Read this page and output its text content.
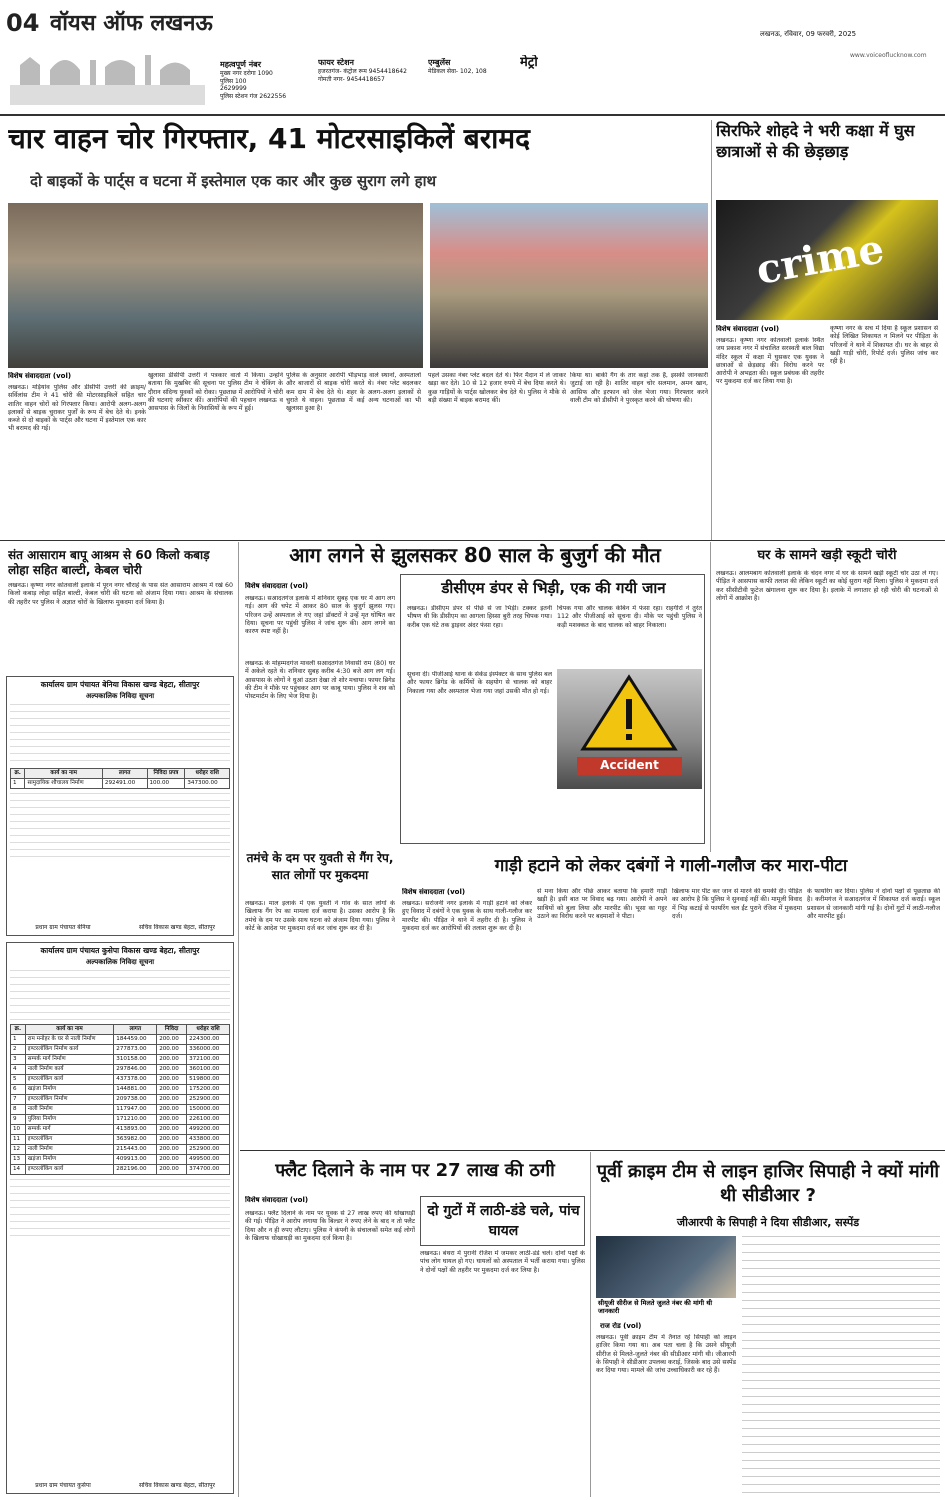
04 वॉयस ऑफ लखनऊ
महत्वपूर्ण नंबर
मुख्य नगर दरोगा 1090
पुलिस 100
2629999
पुलिस स्टेशन गंज 2622556
फायर स्टेशन
हजरतगंज- कंट्रोल रूम 9454418642
गोमती नगर- 9454418657
एम्बुलेंस
मेडिकल सेवा- 102, 108
मेट्रो
लखनऊ, रविवार, 09 फरवरी, 2025
www.voiceoflucknow.com
चार वाहन चोर गिरफ्तार, 41 मोटरसाइकिलें बरामद
दो बाइकों के पार्ट्स व घटना में इस्तेमाल एक कार और कुछ सुराग लगे हाथ
विशेष संवाददाता (vol)
लखनऊ। मड़ियांव पुलिस और डीसीपी उत्तरी की क्राइम/सर्विलांस टीम ने 41 चोरी की मोटरसाइकिलें सहित चार शातिर वाहन चोरों को गिरफ्तार किया। आरोपी अलग-अलग इलाकों से बाइक चुराकर पुर्जों के रूप में बेच देते थे। इनके कब्जे से दो बाइकों के पार्ट्स और घटना में इस्तेमाल एक कार भी बरामद की गई।
खुलासा डीसीपी उत्तरी ने पत्रकार वार्ता में किया। उन्होंने बताया कि मुखबिर की सूचना पर पुलिस टीम ने चेकिंग के दौरान संदिग्ध युवकों को रोका। पूछताछ में आरोपियों ने चोरी की घटनाएं स्वीकार कीं। आरोपियों की पहचान लखनऊ व आसपास के जिलों के निवासियों के रूप में हुई।
पुलिस के अनुसार आरोपी भीड़भाड़ वाले स्थानों, अस्पतालों और बाजारों से बाइक चोरी करते थे। नंबर प्लेट बदलकर कम दाम में बेच देते थे। शहर के अलग-अलग इलाकों से चुराते थे वाहन। पूछताछ में कई अन्य घटनाओं का भी खुलासा हुआ है।
पहले उसका नंबर प्लेट बदल देते थे। फिर मैदान में ले जाकर खड़ा कर देते। 10 से 12 हजार रुपये में बेच दिया करते थे। कुछ गाड़ियों के पार्ट्स खोलकर बेच देते थे। पुलिस ने मौके से बड़ी संख्या में बाइक बरामद कीं।
किया था। बाकी गैंग के तार कहां तक हैं, इसकी जानकारी जुटाई जा रही है। शातिर वाहन चोर सलमान, अमन खान, आसिफ और इरफान को जेल भेजा गया। गिरफ्तार करने वाली टीम को डीसीपी ने पुरस्कृत करने की घोषणा की।
सिरफिरे शोहदे ने भरी कक्षा में घुस छात्राओं से की छेड़छाड़
crime
विशेष संवाददाता (vol)
लखनऊ। कृष्णा नगर कोतवाली इलाके स्थित जय प्रकाश नगर में संचालित सरस्वती बाल विद्या मंदिर स्कूल में कक्षा में घुसकर एक युवक ने छात्राओं से छेड़छाड़ की। विरोध करने पर आरोपी ने अभद्रता की। स्कूल प्रबंधक की तहरीर पर मुकदमा दर्ज कर लिया गया है।
कृष्णा नगर के सच में दिया है स्कूल प्रशासन से कोई लिखित शिकायत न मिलने पर पीड़िता के परिजनों ने थाने में शिकायत दी। घर के बाहर से खड़ी गाड़ी चोरी, रिपोर्ट दर्ज। पुलिस जांच कर रही है।
संत आसाराम बापू आश्रम से 60 किलो कबाड़ लोहा सहित बाल्टी, केबल चोरी
लखनऊ। कृष्णा नगर कोतवाली इलाके में पूरन नगर चौराहे के पास संत आसाराम आश्रम में रखे 60 किलो कबाड़ लोहा सहित बाल्टी, केबल चोरी की घटना को अंजाम दिया गया। आश्रम के संचालक की तहरीर पर पुलिस ने अज्ञात चोरों के खिलाफ मुकदमा दर्ज किया है।
कार्यालय ग्राम पंचायत बेनिया विकास खण्ड बेहटा, सीतापुर
अल्पकालिक निविदा सूचना
क्र.	कार्य का नाम	लागत	निविदा प्रपत्र	धरोहर राशि
1	सामुदायिक शौचालय निर्माण	292491.00	100.00	347300.00
प्रधान ग्राम पंचायत बेनिया	सचिव विकास खण्ड बेहटा, सीतापुर
कार्यालय ग्राम पंचायत कुसेपा विकास खण्ड बेहटा, सीतापुर
अल्पकालिक निविदा सूचना
क्र.	कार्य का नाम	लागत	निविदा	धरोहर राशि
1	राम मनोहर के घर से नाली निर्माण	184459.00	200.00	224300.00
2	इण्टरलॉकिंग निर्माण कार्य	277873.00	200.00	336000.00
3	सम्पर्क मार्ग निर्माण	310158.00	200.00	372100.00
4	नाली निर्माण कार्य	297846.00	200.00	360100.00
5	इण्टरलॉकिंग कार्य	437378.00	200.00	519800.00
6	खड़ंजा निर्माण	144881.00	200.00	175200.00
7	इण्टरलॉकिंग निर्माण	209738.00	200.00	252900.00
8	नाली निर्माण	117947.00	200.00	150000.00
9	पुलिया निर्माण	171210.00	200.00	226100.00
10	सम्पर्क मार्ग	413893.00	200.00	499200.00
11	इण्टरलॉकिंग	363982.00	200.00	433800.00
12	नाली निर्माण	215443.00	200.00	252900.00
13	खड़ंजा निर्माण	409913.00	200.00	499500.00
14	इण्टरलॉकिंग कार्य	282196.00	200.00	374700.00
प्रधान ग्राम पंचायत कुसेपा	सचिव विकास खण्ड बेहटा, सीतापुर
आग लगने से झुलसकर 80 साल के बुजुर्ग की मौत
विशेष संवाददाता (vol)
लखनऊ। सआदतगंज इलाके में शनिवार सुबह एक घर में आग लग गई। आग की चपेट में आकर 80 साल के बुजुर्ग झुलस गए। परिजन उन्हें अस्पताल ले गए जहां डॉक्टरों ने उन्हें मृत घोषित कर दिया। सूचना पर पहुंची पुलिस ने जांच शुरू की। आग लगने का कारण स्पष्ट नहीं है।
लखनऊ के मोहम्मदगंज मावली सआदतगंज निवासी राम (80) घर में अकेले रहते थे। शनिवार सुबह करीब 4:30 बजे आग लग गई। आसपास के लोगों ने धुआं उठता देखा तो शोर मचाया। फायर ब्रिगेड की टीम ने मौके पर पहुंचकर आग पर काबू पाया। पुलिस ने शव को पोस्टमार्टम के लिए भेज दिया है।
डीसीएम डंपर से भिड़ी, एक की गयी जान
लखनऊ। डीसीएम डंपर से पीछे से जा भिड़ी। टक्कर इतनी भीषण थी कि डीसीएम का आगला हिस्सा बुरी तरह चिपक गया। करीब एक घंटे तक ड्राइवर अंदर फंसा रहा।
चिपक गया और चालक केबिन में फंसा रहा। राहगीरों ने तुरंत 112 और पीजीआई को सूचना दी। मौके पर पहुंची पुलिस ने कड़ी मशक्कत के बाद चालक को बाहर निकाला।
Accident
सूचना दी। पीजीआई थाना के सेकेंड इंस्पेक्टर के साथ पुलिस बल और फायर ब्रिगेड के कर्मियों के सहयोग से चालक को बाहर निकाला गया और अस्पताल भेजा गया जहां उसकी मौत हो गई।
घर के सामने खड़ी स्कूटी चोरी
लखनऊ। आलमबाग कोतवाली इलाके के चंदन नगर में घर के सामने खड़ी स्कूटी चोर उठा ले गए। पीड़ित ने आसपास काफी तलाश की लेकिन स्कूटी का कोई सुराग नहीं मिला। पुलिस ने मुकदमा दर्ज कर सीसीटीवी फुटेज खंगालना शुरू कर दिया है। इलाके में लगातार हो रही चोरी की घटनाओं से लोगों में आक्रोश है।
तमंचे के दम पर युवती से गैंग रेप, सात लोगों पर मुकदमा
लखनऊ। माल इलाके में एक युवती ने गांव के सात लोगों के खिलाफ गैंग रेप का मामला दर्ज कराया है। उसका आरोप है कि तमंचे के दम पर उसके साथ घटना को अंजाम दिया गया। पुलिस ने कोर्ट के आदेश पर मुकदमा दर्ज कर जांच शुरू कर दी है।
गाड़ी हटाने को लेकर दबंगों ने गाली-गलौज कर मारा-पीटा
विशेष संवाददाता (vol)
लखनऊ। सरोजनी नगर इलाके में गाड़ी हटाने को लेकर हुए विवाद में दबंगों ने एक युवक के साथ गाली-गलौज कर मारपीट की। पीड़ित ने थाने में तहरीर दी है। पुलिस ने मुकदमा दर्ज कर आरोपियों की तलाश शुरू कर दी है।
से मना किया और पीछे आकर बताया कि हमारी गाड़ी खड़ी है। इसी बात पर विवाद बढ़ गया। आरोपी ने अपने साथियों को बुला लिया और मारपीट की। भूसा का गट्ठर उठाने का विरोध करने पर बदमाशों ने पीटा।
खिलाफ मार पीट कर जान से मारने की धमकी दी। पीड़ित का आरोप है कि पुलिस ने सुनवाई नहीं की। मामूली विवाद में भिड़ कटाई से फायरिंग चल ईंट पुराने रंजिश में मुकदमा दर्ज।
के फायरिंग कर दिया। पुलिस ने दोनों पक्षों से पूछताछ की है। करीमगंज ने सआदतगंज में शिकायत दर्ज कराई। स्कूल प्रशासन से जानकारी मांगी गई है। दोनों गुटों में लाठी-गलौज और मारपीट हुई।
फ्लैट दिलाने के नाम पर 27 लाख की ठगी
विशेष संवाददाता (vol)
लखनऊ। फ्लैट दिलाने के नाम पर युवक से 27 लाख रुपए की धोखाधड़ी की गई। पीड़ित ने आरोप लगाया कि बिल्डर ने रुपए लेने के बाद न तो फ्लैट दिया और न ही रुपए लौटाए। पुलिस ने कंपनी के संचालकों समेत कई लोगों के खिलाफ धोखाधड़ी का मुकदमा दर्ज किया है।
दो गुटों में लाठी-डंडे चले, पांच घायल
लखनऊ। बंथरा में पुरानी रंजिश में जमकर लाठी-डंडे चले। दोनों पक्षों के पांच लोग घायल हो गए। घायलों को अस्पताल में भर्ती कराया गया। पुलिस ने दोनों पक्षों की तहरीर पर मुकदमा दर्ज कर लिया है।
पूर्वी क्राइम टीम से लाइन हाजिर सिपाही ने क्यों मांगी थी सीडीआर ?
जीआरपी के सिपाही ने दिया सीडीआर, सस्पेंड
सीयूजी सीरीज से मिलते जुलते नंबर की मांगी थी जानकारी
राज रोड (vol)
लखनऊ। पूर्वी क्राइम टीम में तैनात रहे सिपाही को लाइन हाजिर किया गया था। अब पता चला है कि उसने सीयूजी सीरीज से मिलते-जुलते नंबर की सीडीआर मांगी थी। जीआरपी के सिपाही ने सीडीआर उपलब्ध कराई, जिसके बाद उसे सस्पेंड कर दिया गया। मामले की जांच उच्चाधिकारी कर रहे हैं।
